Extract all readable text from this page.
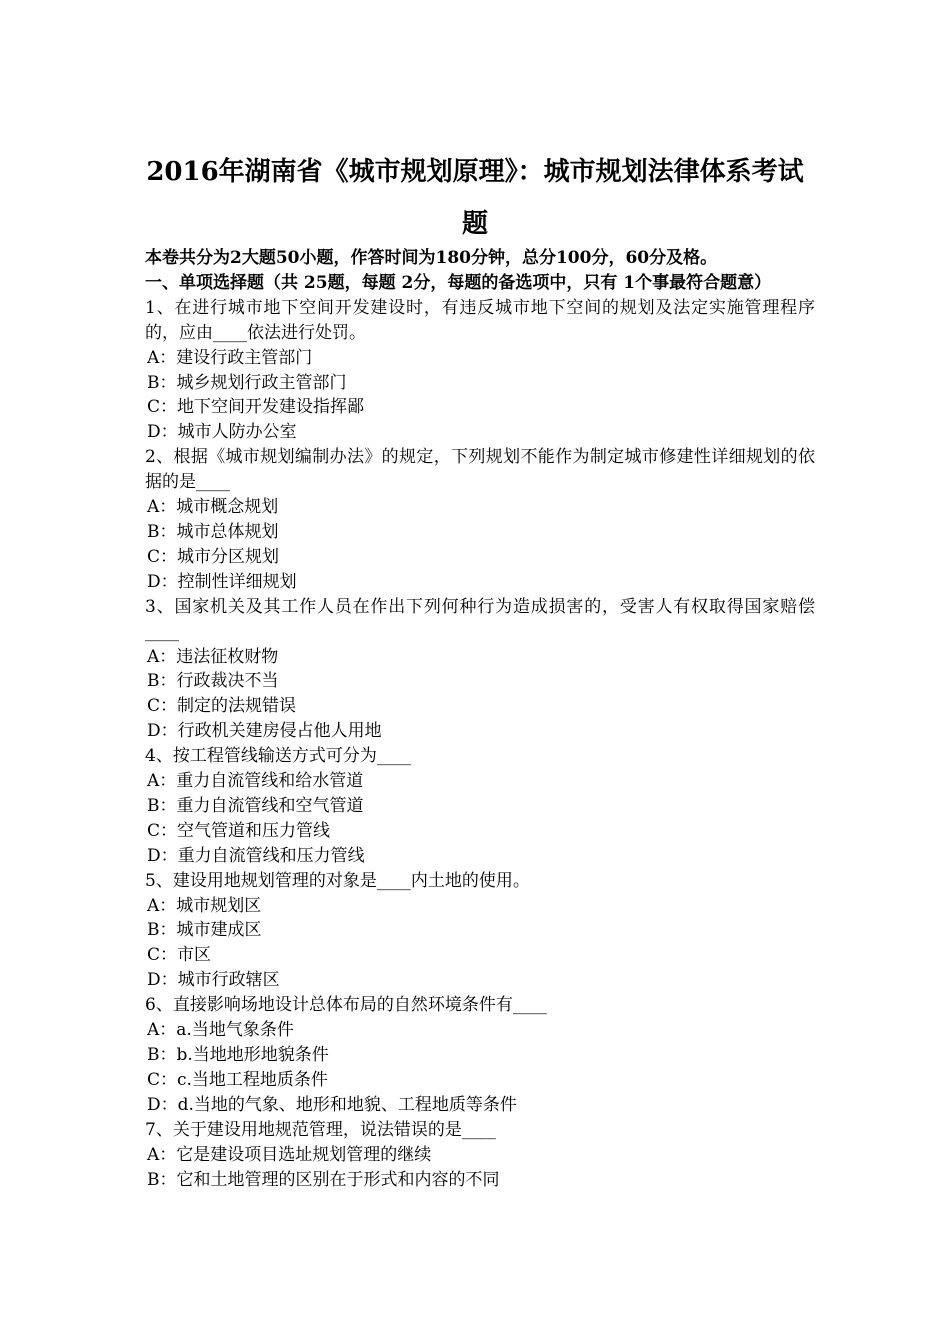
2016年湖南省《城市规划原理》：城市规划法律体系考试题
本卷共分为2大题50小题，作答时间为180分钟，总分100分，60分及格。
一、单项选择题（共 25题，每题 2分，每题的备选项中，只有 1个事最符合题意）
1、在进行城市地下空间开发建设时，有违反城市地下空间的规划及法定实施管理程序的，应由____依法进行处罚。
A：建设行政主管部门
B：城乡规划行政主管部门
C：地下空间开发建设指挥鄙
D：城市人防办公室
2、根据《城市规划编制办法》的规定，下列规划不能作为制定城市修建性详细规划的依据的是____
A：城市概念规划
B：城市总体规划
C：城市分区规划
D：控制性详细规划
3、国家机关及其工作人员在作出下列何种行为造成损害的，受害人有权取得国家赔偿____
A：违法征枚财物
B：行政裁决不当
C：制定的法规错误
D：行政机关建房侵占他人用地
4、按工程管线输送方式可分为____
A：重力自流管线和给水管道
B：重力自流管线和空气管道
C：空气管道和压力管线
D：重力自流管线和压力管线
5、建设用地规划管理的对象是____内土地的使用。
A：城市规划区
B：城市建成区
C：市区
D：城市行政辖区
6、直接影响场地设计总体布局的自然环境条件有____
A：a.当地气象条件
B：b.当地地形地貌条件
C：c.当地工程地质条件
D：d.当地的气象、地形和地貌、工程地质等条件
7、关于建设用地规范管理，说法错误的是____
A：它是建设项目选址规划管理的继续
B：它和土地管理的区别在于形式和内容的不同
